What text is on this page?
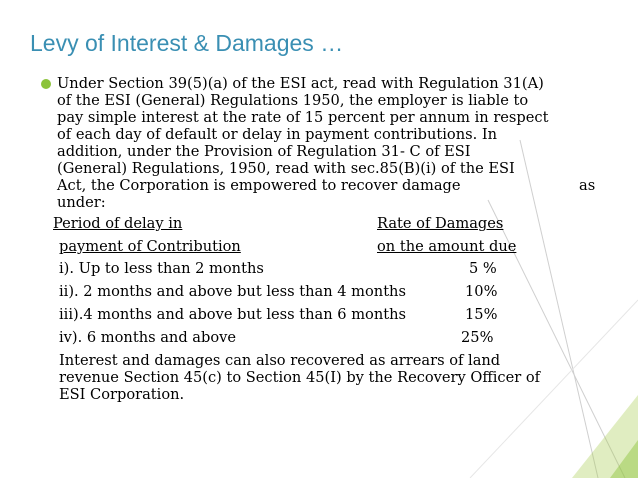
Levy of Interest & Damages …
Under Section 39(5)(a) of the ESI act, read with Regulation 31(A)
of the ESI (General) Regulations 1950, the employer is liable to
pay simple interest at the rate of 15 percent per annum in respect
of each day of default or delay in payment contributions. In
addition, under the Provision of Regulation 31- C of ESI
(General) Regulations, 1950, read with sec.85(B)(i) of the ESI
Act, the Corporation is empowered to recover damage	as
under:
Period of delay in	Rate of Damages
payment of Contribution	on the amount due
i). Up to less than 2 months	5 %
ii). 2 months and above but less than 4 months	10%
iii).4 months and above but less than 6 months	15%
iv). 6 months and above	25%
Interest and damages can also recovered as arrears of land
revenue Section 45(c) to Section 45(I) by the Recovery Officer of
ESI Corporation.
